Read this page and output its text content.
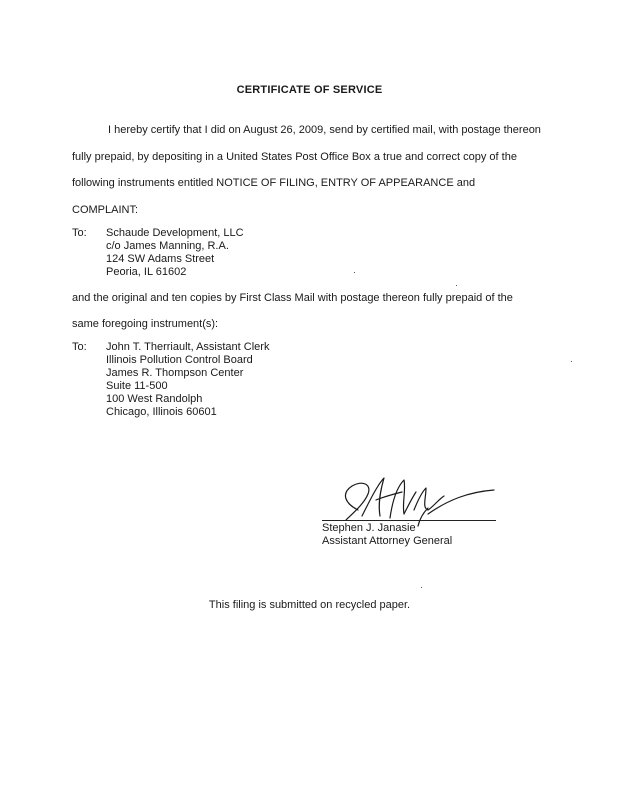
CERTIFICATE OF SERVICE
I hereby certify that I did on August 26, 2009, send by certified mail, with postage thereon
fully prepaid, by depositing in a United States Post Office Box a true and correct copy of the
following instruments entitled NOTICE OF FILING, ENTRY OF APPEARANCE and
COMPLAINT:
To: Schaude Development, LLC
c/o James Manning, R.A.
124 SW Adams Street
Peoria, IL 61602
and the original and ten copies by First Class Mail with postage thereon fully prepaid of the
same foregoing instrument(s):
To: John T. Therriault, Assistant Clerk
Illinois Pollution Control Board
James R. Thompson Center
Suite 11-500
100 West Randolph
Chicago, Illinois 60601
Stephen J. Janasie
Assistant Attorney General
This filing is submitted on recycled paper.
